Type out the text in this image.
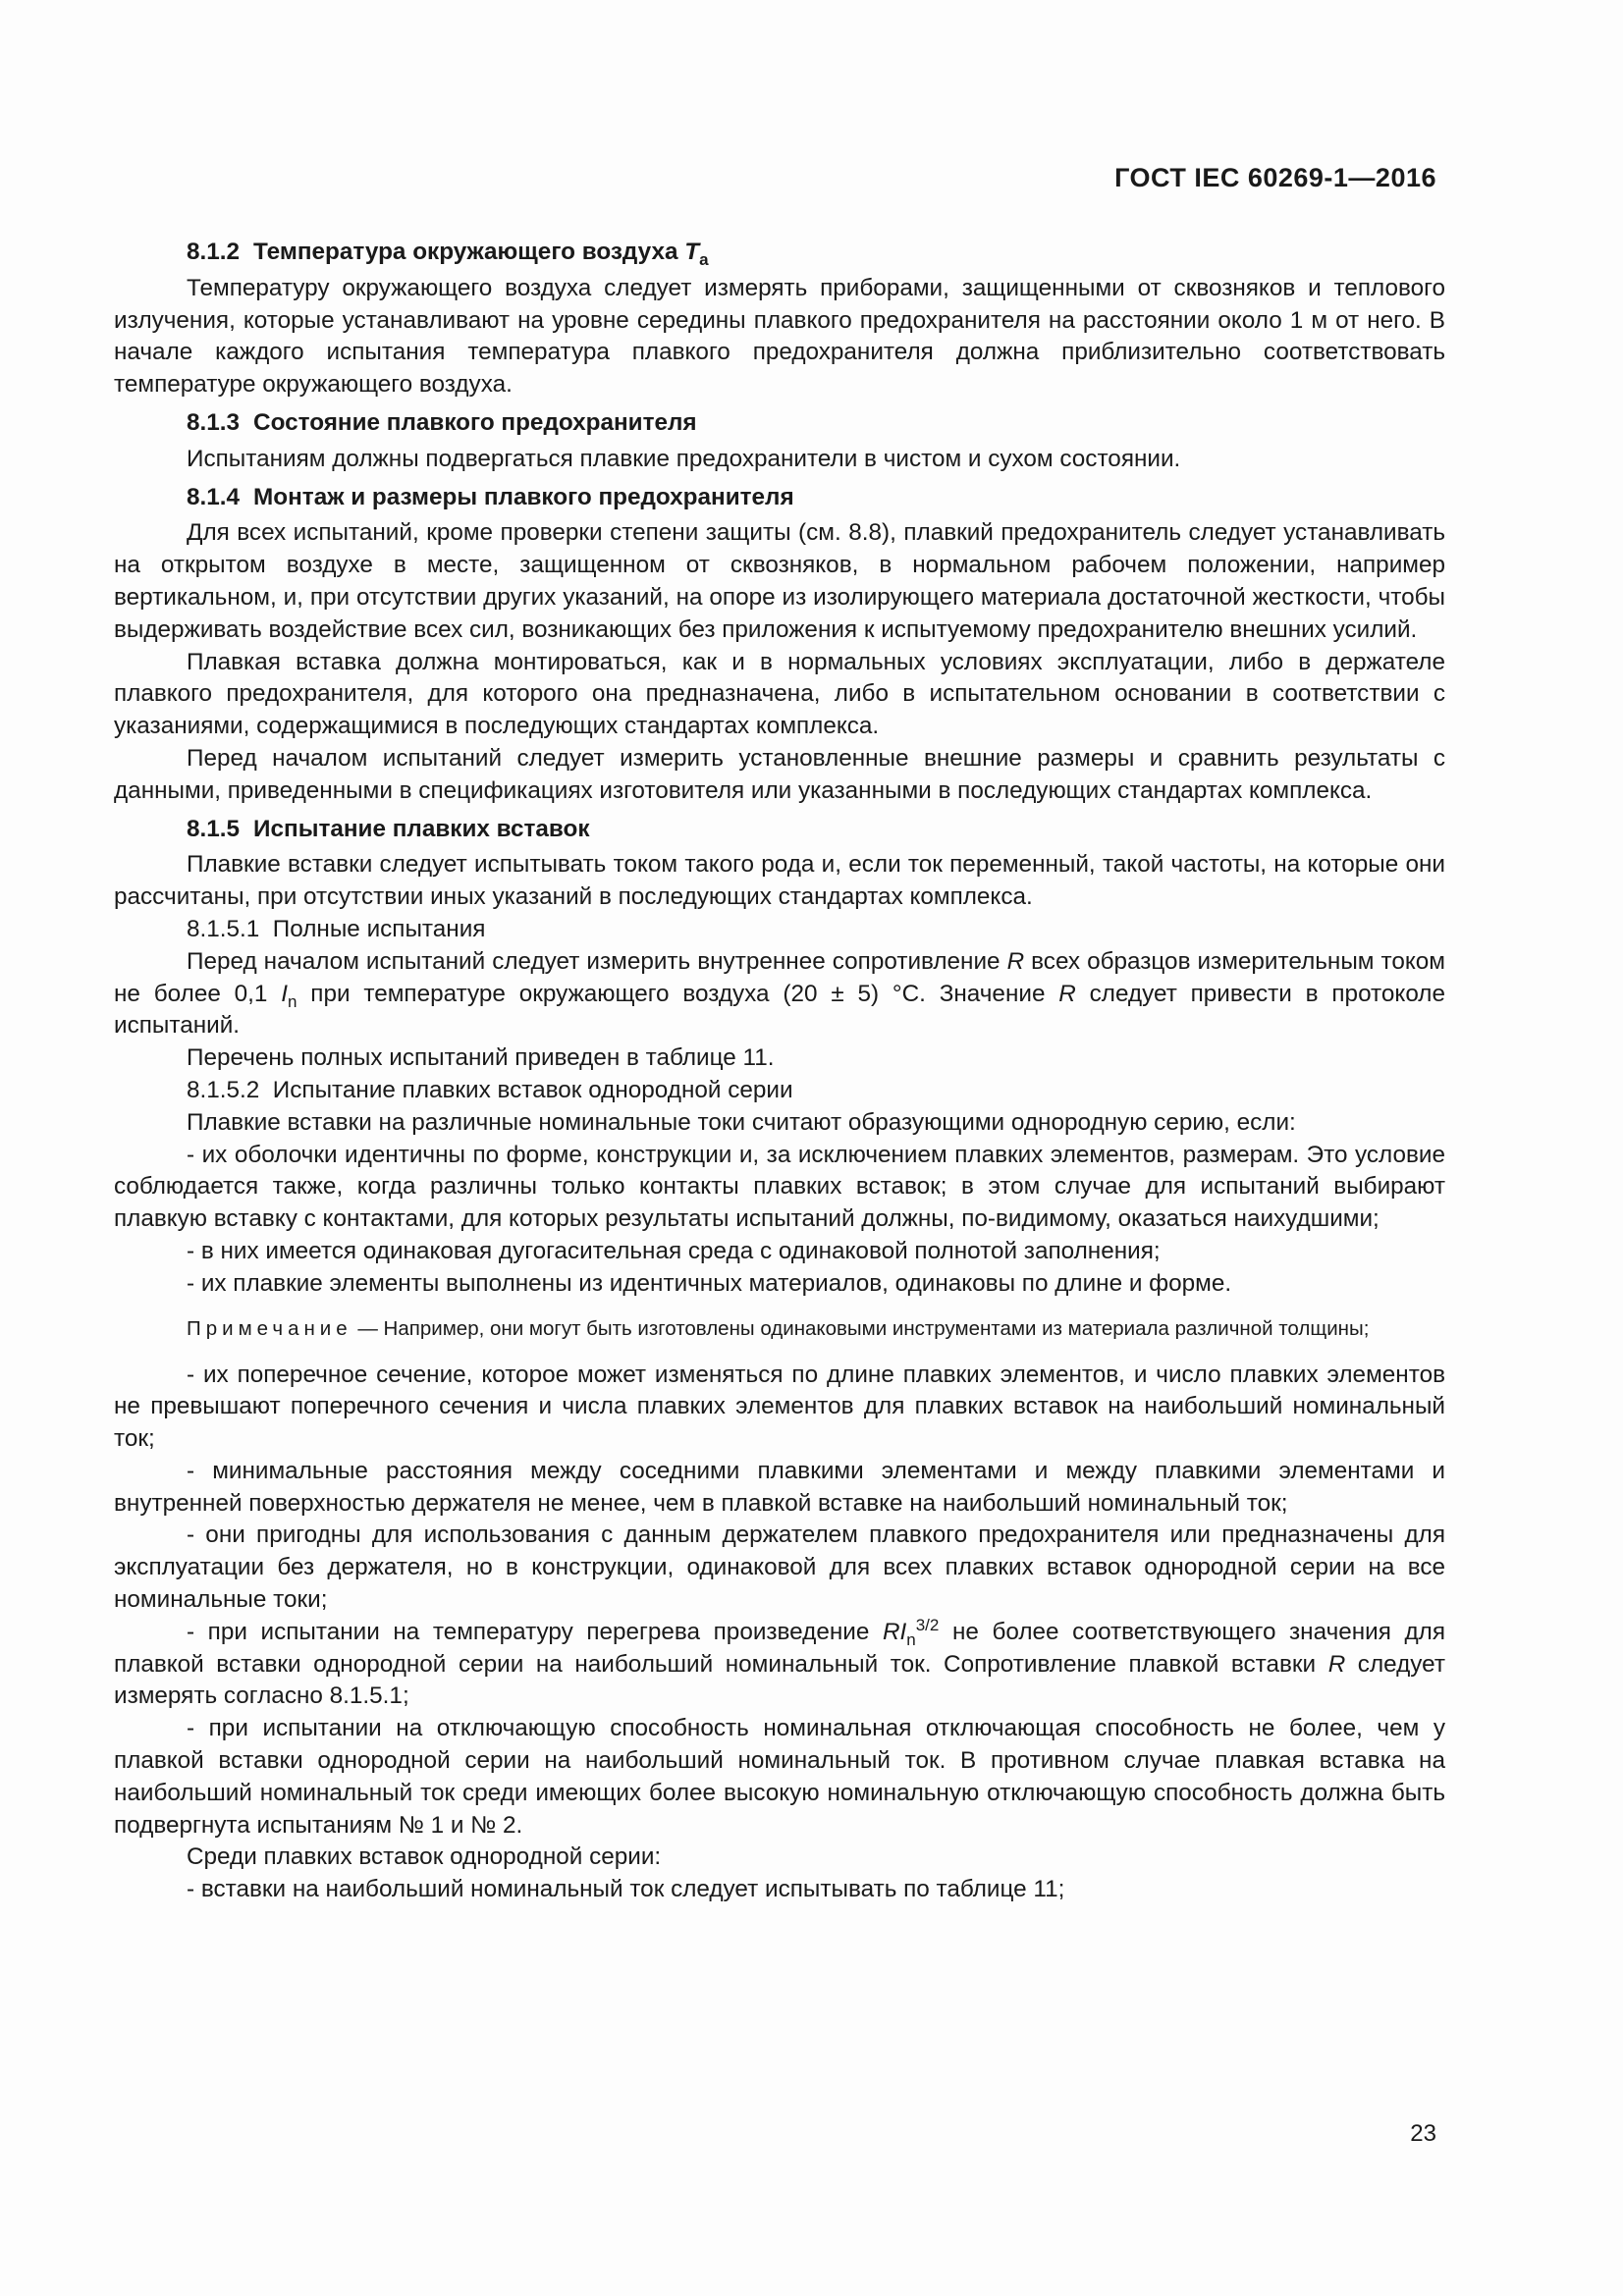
ГОСТ IEC 60269-1—2016

8.1.2 Температура окружающего воздуха $T_a$

Температуру окружающего воздуха следует измерять приборами, защищенными от сквозняков и теплового излучения, которые устанавливают на уровне середины плавкого предохранителя на расстоянии около 1 м от него. В начале каждого испытания температура плавкого предохранителя должна приблизительно соответствовать температуре окружающего воздуха.

8.1.3 Состояние плавкого предохранителя

Испытаниям должны подвергаться плавкие предохранители в чистом и сухом состоянии.

8.1.4 Монтаж и размеры плавкого предохранителя

Для всех испытаний, кроме проверки степени защиты (см. 8.8), плавкий предохранитель следует устанавливать на открытом воздухе в месте, защищенном от сквозняков, в нормальном рабочем положении, например вертикальном, и, при отсутствии других указаний, на опоре из изолирующего материала достаточной жесткости, чтобы выдерживать воздействие всех сил, возникающих без приложения к испытуемому предохранителю внешних усилий.

Плавкая вставка должна монтироваться, как и в нормальных условиях эксплуатации, либо в держателе плавкого предохранителя, для которого она предназначена, либо в испытательном основании в соответствии с указаниями, содержащимися в последующих стандартах комплекса.

Перед началом испытаний следует измерить установленные внешние размеры и сравнить результаты с данными, приведенными в спецификациях изготовителя или указанными в последующих стандартах комплекса.

8.1.5 Испытание плавких вставок

Плавкие вставки следует испытывать током такого рода и, если ток переменный, такой частоты, на которые они рассчитаны, при отсутствии иных указаний в последующих стандартах комплекса.

8.1.5.1  Полные испытания

Перед началом испытаний следует измерить внутреннее сопротивление R всех образцов измерительным током не более 0,1 $I_n$ при температуре окружающего воздуха (20 ± 5) °С. Значение R следует привести в протоколе испытаний.

Перечень полных испытаний приведен в таблице 11.

8.1.5.2  Испытание плавких вставок однородной серии

Плавкие вставки на различные номинальные токи считают образующими однородную серию, если:

- их оболочки идентичны по форме, конструкции и, за исключением плавких элементов, размерам. Это условие соблюдается также, когда различны только контакты плавких вставок; в этом случае для испытаний выбирают плавкую вставку с контактами, для которых результаты испытаний должны, по-видимому, оказаться наихудшими;

- в них имеется одинаковая дугогасительная среда с одинаковой полнотой заполнения;

- их плавкие элементы выполнены из идентичных материалов, одинаковы по длине и форме.

Примечание — Например, они могут быть изготовлены одинаковыми инструментами из материала различной толщины;

- их поперечное сечение, которое может изменяться по длине плавких элементов, и число плавких элементов не превышают поперечного сечения и числа плавких элементов для плавких вставок на наибольший номинальный ток;

- минимальные расстояния между соседними плавкими элементами и между плавкими элементами и внутренней поверхностью держателя не менее, чем в плавкой вставке на наибольший номинальный ток;

- они пригодны для использования с данным держателем плавкого предохранителя или предназначены для эксплуатации без держателя, но в конструкции, одинаковой для всех плавких вставок однородной серии на все номинальные токи;

- при испытании на температуру перегрева произведение $RI_n^{3/2}$ не более соответствующего значения для плавкой вставки однородной серии на наибольший номинальный ток. Сопротивление плавкой вставки R следует измерять согласно 8.1.5.1;

- при испытании на отключающую способность номинальная отключающая способность не более, чем у плавкой вставки однородной серии на наибольший номинальный ток. В противном случае плавкая вставка на наибольший номинальный ток среди имеющих более высокую номинальную отключающую способность должна быть подвергнута испытаниям № 1 и № 2.

Среди плавких вставок однородной серии:

- вставки на наибольший номинальный ток следует испытывать по таблице 11;

23
